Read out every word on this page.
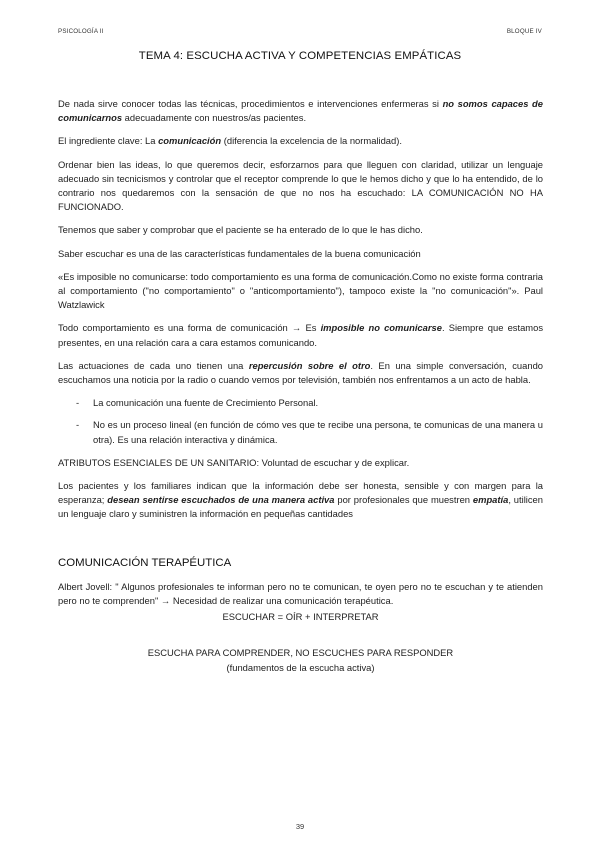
PSICOLOGÍA II	BLOQUE IV
TEMA 4: ESCUCHA ACTIVA Y COMPETENCIAS EMPÁTICAS

De nada sirve conocer todas las técnicas, procedimientos e intervenciones enfermeras si no somos capaces de comunicarnos adecuadamente con nuestros/as pacientes.

El ingrediente clave: La comunicación (diferencia la excelencia de la normalidad).

Ordenar bien las ideas, lo que queremos decir, esforzarnos para que lleguen con claridad, utilizar un lenguaje adecuado sin tecnicismos y controlar que el receptor comprende lo que le hemos dicho y que lo ha entendido, de lo contrario nos quedaremos con la sensación de que no nos ha escuchado: LA COMUNICACIÓN NO HA FUNCIONADO.

Tenemos que saber y comprobar que el paciente se ha enterado de lo que le has dicho.

Saber escuchar es una de las características fundamentales de la buena comunicación

«Es imposible no comunicarse: todo comportamiento es una forma de comunicación.Como no existe forma contraria al comportamiento ("no comportamiento" o "anticomportamiento"), tampoco existe la "no comunicación"». Paul Watzlawick

Todo comportamiento es una forma de comunicación → Es imposible no comunicarse. Siempre que estamos presentes, en una relación cara a cara estamos comunicando.

Las actuaciones de cada uno tienen una repercusión sobre el otro. En una simple conversación, cuando escuchamos una noticia por la radio o cuando vemos por televisión, también nos enfrentamos a un acto de habla.

- La comunicación una fuente de Crecimiento Personal.
- No es un proceso lineal (en función de cómo ves que te recibe una persona, te comunicas de una manera u otra). Es una relación interactiva y dinámica.

ATRIBUTOS ESENCIALES DE UN SANITARIO: Voluntad de escuchar y de explicar.

Los pacientes y los familiares indican que la información debe ser honesta, sensible y con margen para la esperanza; desean sentirse escuchados de una manera activa por profesionales que muestren empatía, utilicen un lenguaje claro y suministren la información en pequeñas cantidades

COMUNICACIÓN TERAPÉUTICA

Albert Jovell: " Algunos profesionales te informan pero no te comunican, te oyen pero no te escuchan y te atienden pero no te comprenden" → Necesidad de realizar una comunicación terapéutica.

ESCUCHAR = OÍR + INTERPRETAR

ESCUCHA PARA COMPRENDER, NO ESCUCHES PARA RESPONDER

(fundamentos de la escucha activa)

39
